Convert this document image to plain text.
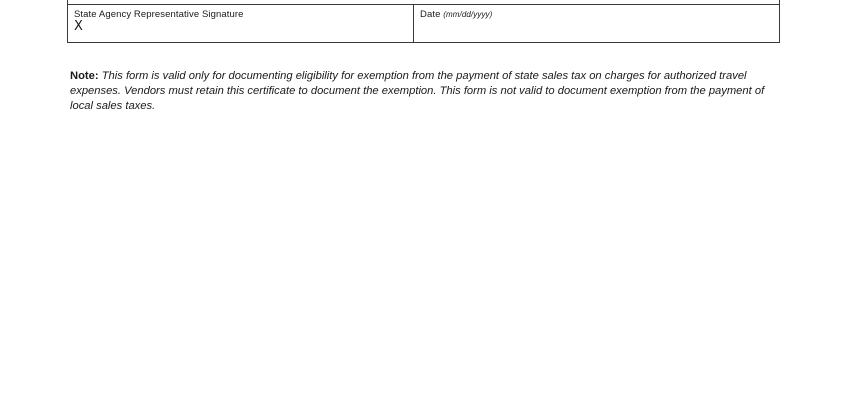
State Agency Representative Signature
X
Date (mm/dd/yyyy)

Note: This form is valid only for documenting eligibility for exemption from the payment of state sales tax on charges for authorized travel expenses. Vendors must retain this certificate to document the exemption. This form is not valid to document exemption from the payment of local sales taxes.
